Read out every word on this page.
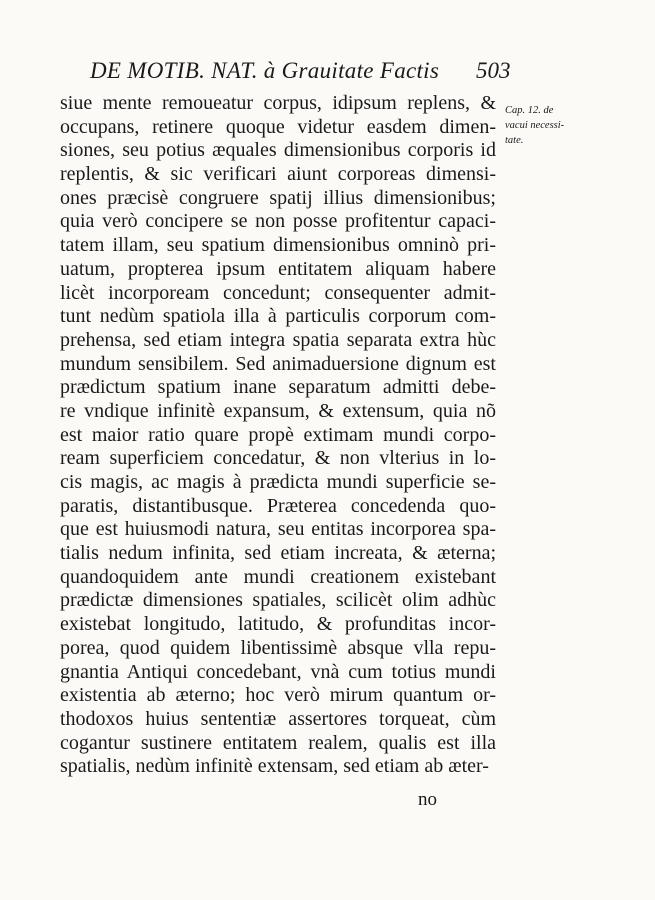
DE MOTIB. NAT. à Grauitate Factis	503
Cap. 12. de
vacui necessi-
tate.
siue mente remoueatur corpus, idipsum replens, &
occupans, retinere quoque videtur easdem dimen-
siones, seu potius æquales dimensionibus corporis id
replentis, & sic verificari aiunt corporeas dimensi-
ones præcisè congruere spatij illius dimensionibus;
quia verò concipere se non posse profitentur capaci-
tatem illam, seu spatium dimensionibus omninò pri-
uatum, propterea ipsum entitatem aliquam habere
licèt incorpoream concedunt; consequenter admit-
tunt nedùm spatiola illa à particulis corporum com-
prehensa, sed etiam integra spatia separata extra hùc
mundum sensibilem. Sed animaduersione dignum est
prædictum spatium inane separatum admitti debe-
re vndique infinitè expansum, & extensum, quia nõ
est maior ratio quare propè extimam mundi corpo-
ream superficiem concedatur, & non vlterius in lo-
cis magis, ac magis à prædicta mundi superficie se-
paratis, distantibusque. Præterea concedenda quo-
que est huiusmodi natura, seu entitas incorporea spa-
tialis nedum infinita, sed etiam increata, & æterna;
quandoquidem ante mundi creationem existebant
prædictæ dimensiones spatiales, scilicèt olim adhùc
existebat longitudo, latitudo, & profunditas incor-
porea, quod quidem libentissimè absque vlla repu-
gnantia Antiqui concedebant, vnà cum totius mundi
existentia ab æterno; hoc verò mirum quantum or-
thodoxos huius sententiæ assertores torqueat, cùm
cogantur sustinere entitatem realem, qualis est illa
spatialis, nedùm infinitè extensam, sed etiam ab æter-
no
